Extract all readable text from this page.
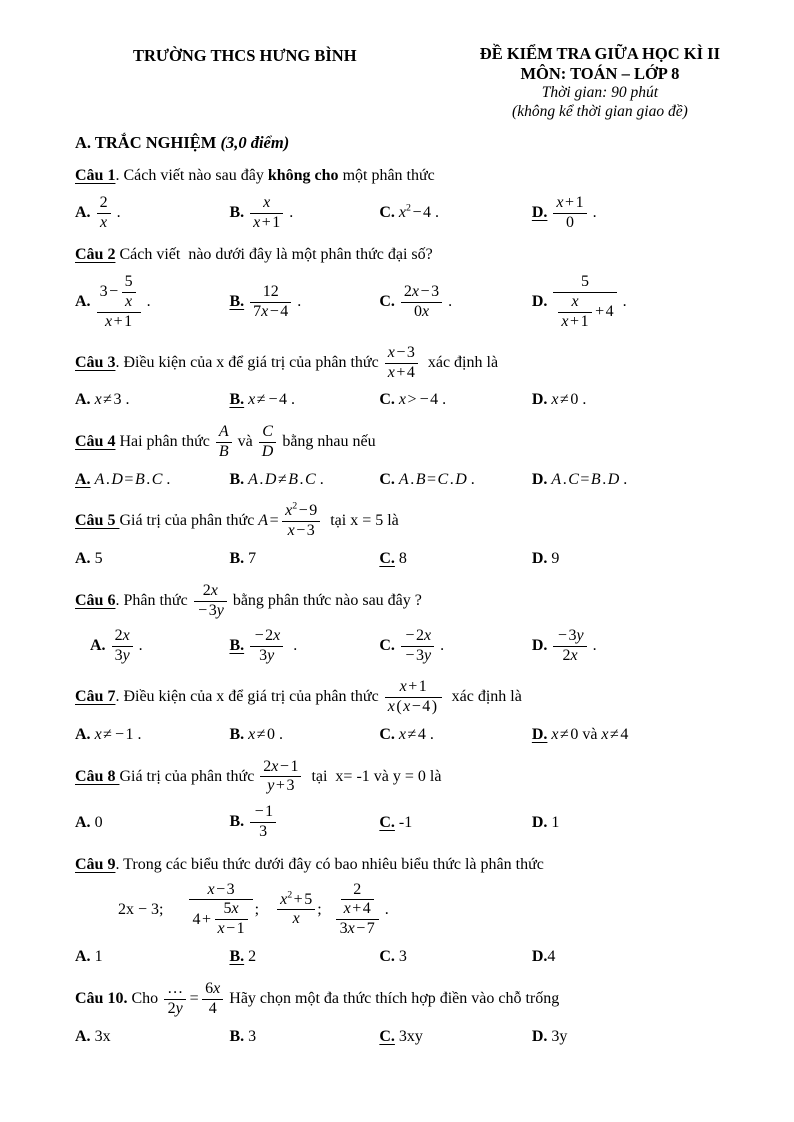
TRƯỜNG THCS HƯNG BÌNH	ĐỀ KIỂM TRA GIỮA HỌC KÌ II
MÔN: TOÁN – LỚP 8
Thời gian: 90 phút
(không kể thời gian giao đề)
A. TRẮC NGHIỆM (3,0 điểm)
Câu 1. Cách viết nào sau đây không cho một phân thức
A. $\frac{2}{x}$ .	B. $\frac{x}{x+1}$ .	C. $x^2-4$ .	D. $\frac{x+1}{0}$ .
Câu 2 Cách viết  nào dưới đây là một phân thức đại số?
A. $\frac{3- \frac{5}{x}}{x+1}$ .	B. $\frac{12}{7x-4}$ .	C. $\frac{2x-3}{0x}$ .	D. $\frac{5}{\frac{x}{x+1} +4}$ .
Câu 3. Điều kiện của x để giá trị của phân thức $\frac{x-3}{x+4}$ xác định là
A. x≠3 .	B. x≠ −4 .	C. x> −4 .	D. x≠0 .
Câu 4 Hai phân thức $\frac{A}{B}$ và $\frac{C}{D}$ bằng nhau nếu
A. A.D=B.C .	B. A.D≠B.C .	C. A.B=C.D .	D. A.C=B.D .
Câu 5 Giá trị của phân thức $A= \frac{x^2-9}{x-3}$ tại x = 5 là
A. 5	B. 7	C. 8	D. 9
Câu 6. Phân thức $\frac{2x}{-3y}$ bằng phân thức nào sau đây ?
A. $\frac{2x}{3y}$ .	B. $\frac{-2x}{3y}$ .	C. $\frac{-2x}{-3y}$ .	D. $\frac{-3y}{2x}$ .
Câu 7. Điều kiện của x để giá trị của phân thức $\frac{x+1}{x(x-4)}$ xác định là
A. x≠ −1 .	B. x≠0 .	C. x≠4 .	D. x≠0 và x≠4
Câu 8 Giá trị của phân thức $\frac{2x-1}{y+3}$ tại  x= -1 và y = 0 là
A. 0	B. $\frac{-1}{3}$	C. -1	D. 1
Câu 9. Trong các biểu thức dưới đây có bao nhiêu biểu thức là phân thức
2x − 3; $\frac{x-3}{4+ \frac{5x}{x-1}}$ ; $\frac{x^2+5}{x}$ ; $\frac{\frac{2}{x+4}}{3x-7}$ .
A. 1	B. 2	C. 3	D.4
Câu 10. Cho $\frac{\dots}{2y} = \frac{6x}{4}$ Hãy chọn một đa thức thích hợp điền vào chỗ trống
A. 3x	B. 3	C. 3xy	D. 3y
